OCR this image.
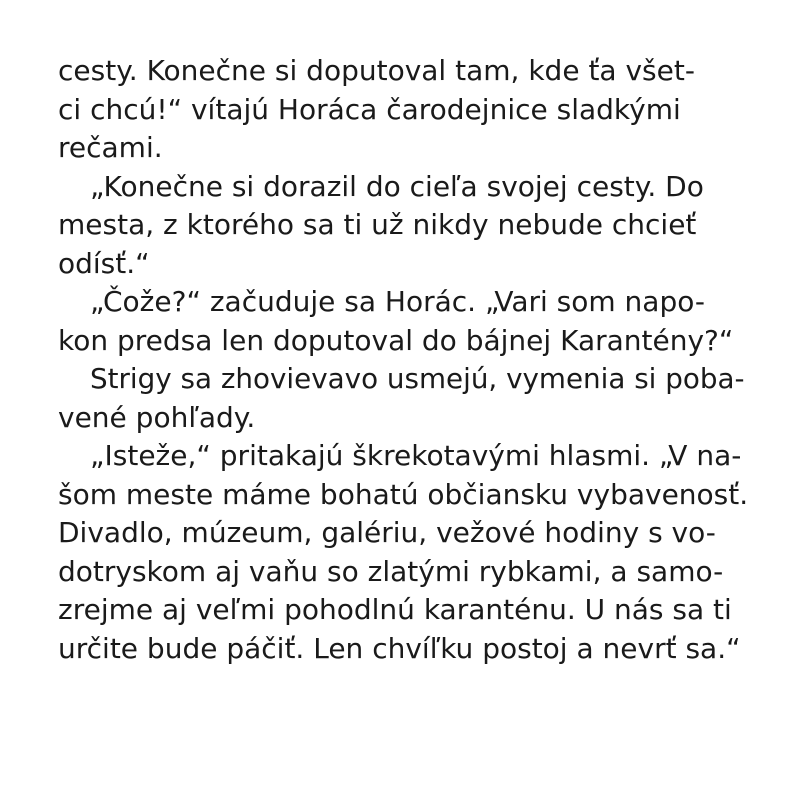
cesty. Konečne si doputoval tam, kde ťa všet-
ci chcú!“ vítajú Horáca čarodejnice sladkými
rečami.
„Konečne si dorazil do cieľa svojej cesty. Do
mesta, z ktorého sa ti už nikdy nebude chcieť
odísť.“
„Čože?“ začuduje sa Horác. „Vari som napo-
kon predsa len doputoval do bájnej Karantény?“
Strigy sa zhovievavo usmejú, vymenia si poba-
vené pohľady.
„Isteže,“ pritakajú škrekotavými hlasmi. „V na-
šom meste máme bohatú občiansku vybavenosť.
Divadlo, múzeum, galériu, vežové hodiny s vo-
dotryskom aj vaňu so zlatými rybkami, a samo-
zrejme aj veľmi pohodlnú karanténu. U nás sa ti
určite bude páčiť. Len chvíľku postoj a nevrť sa.“
